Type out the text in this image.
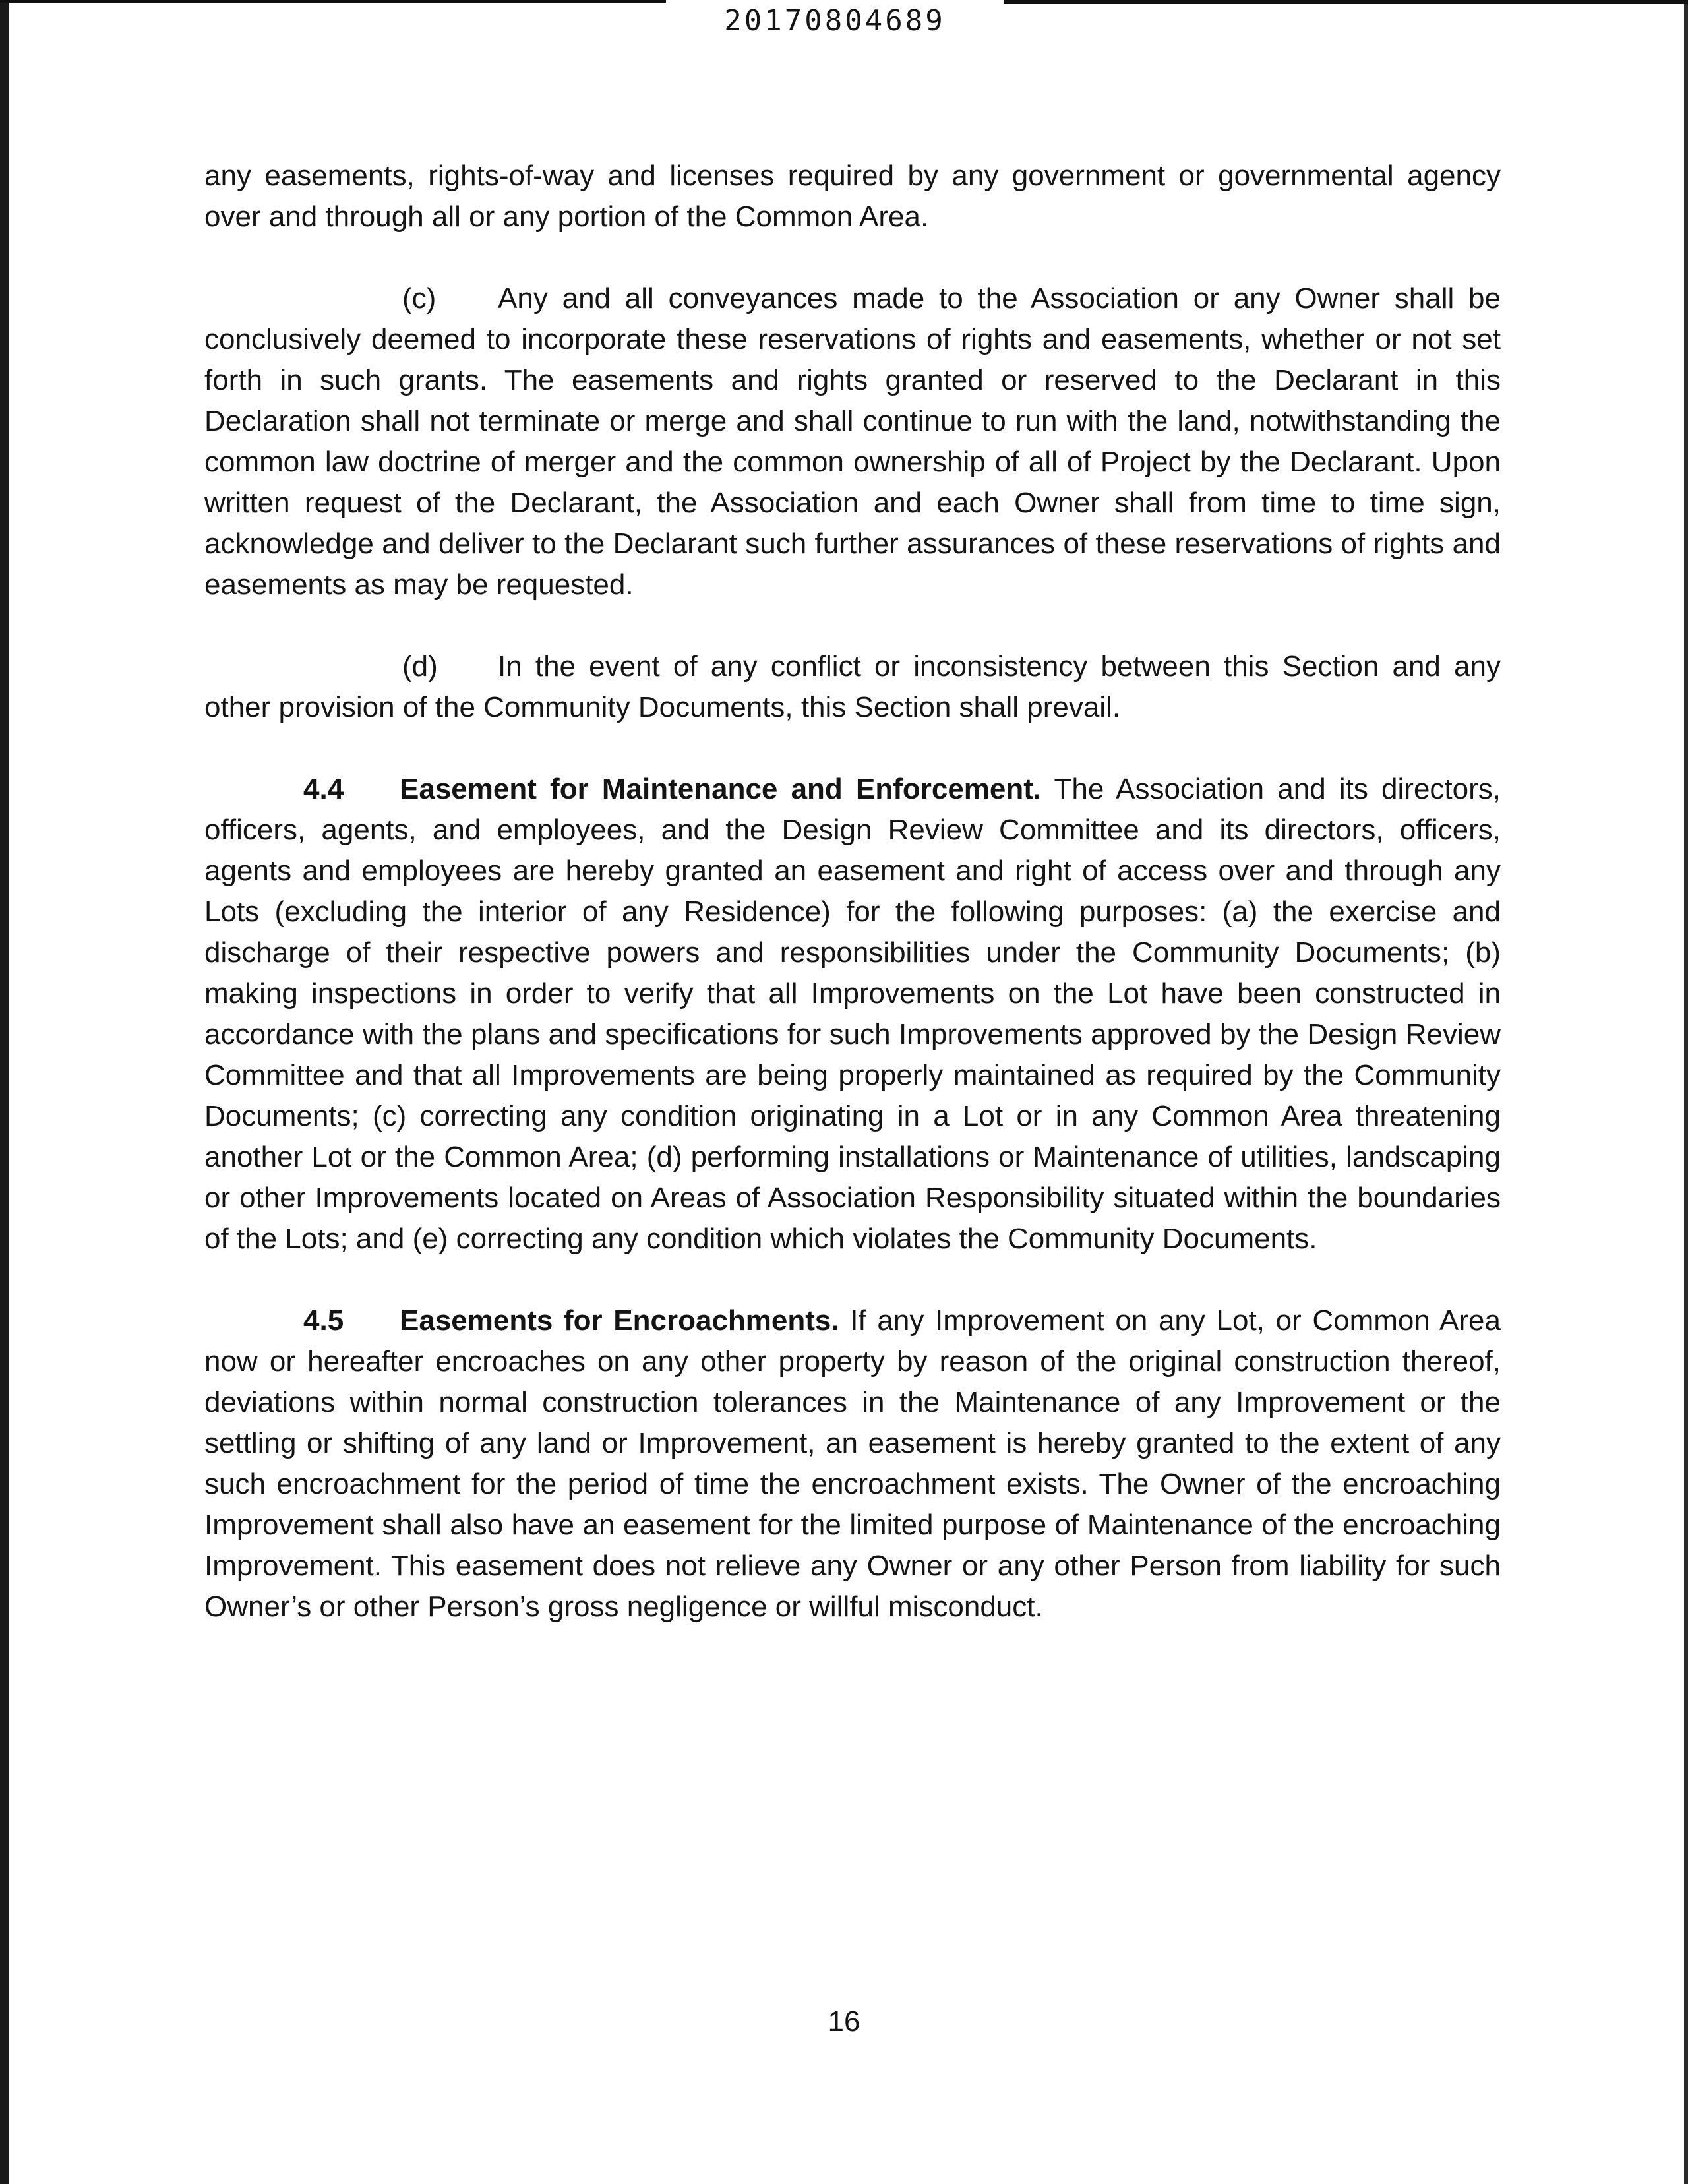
20170804689

any easements, rights-of-way and licenses required by any government or governmental agency over and through all or any portion of the Common Area.

(c) Any and all conveyances made to the Association or any Owner shall be conclusively deemed to incorporate these reservations of rights and easements, whether or not set forth in such grants. The easements and rights granted or reserved to the Declarant in this Declaration shall not terminate or merge and shall continue to run with the land, notwithstanding the common law doctrine of merger and the common ownership of all of Project by the Declarant. Upon written request of the Declarant, the Association and each Owner shall from time to time sign, acknowledge and deliver to the Declarant such further assurances of these reservations of rights and easements as may be requested.

(d) In the event of any conflict or inconsistency between this Section and any other provision of the Community Documents, this Section shall prevail.

4.4 Easement for Maintenance and Enforcement. The Association and its directors, officers, agents, and employees, and the Design Review Committee and its directors, officers, agents and employees are hereby granted an easement and right of access over and through any Lots (excluding the interior of any Residence) for the following purposes: (a) the exercise and discharge of their respective powers and responsibilities under the Community Documents; (b) making inspections in order to verify that all Improvements on the Lot have been constructed in accordance with the plans and specifications for such Improvements approved by the Design Review Committee and that all Improvements are being properly maintained as required by the Community Documents; (c) correcting any condition originating in a Lot or in any Common Area threatening another Lot or the Common Area; (d) performing installations or Maintenance of utilities, landscaping or other Improvements located on Areas of Association Responsibility situated within the boundaries of the Lots; and (e) correcting any condition which violates the Community Documents.

4.5 Easements for Encroachments. If any Improvement on any Lot, or Common Area now or hereafter encroaches on any other property by reason of the original construction thereof, deviations within normal construction tolerances in the Maintenance of any Improvement or the settling or shifting of any land or Improvement, an easement is hereby granted to the extent of any such encroachment for the period of time the encroachment exists. The Owner of the encroaching Improvement shall also have an easement for the limited purpose of Maintenance of the encroaching Improvement. This easement does not relieve any Owner or any other Person from liability for such Owner’s or other Person’s gross negligence or willful misconduct.

16
